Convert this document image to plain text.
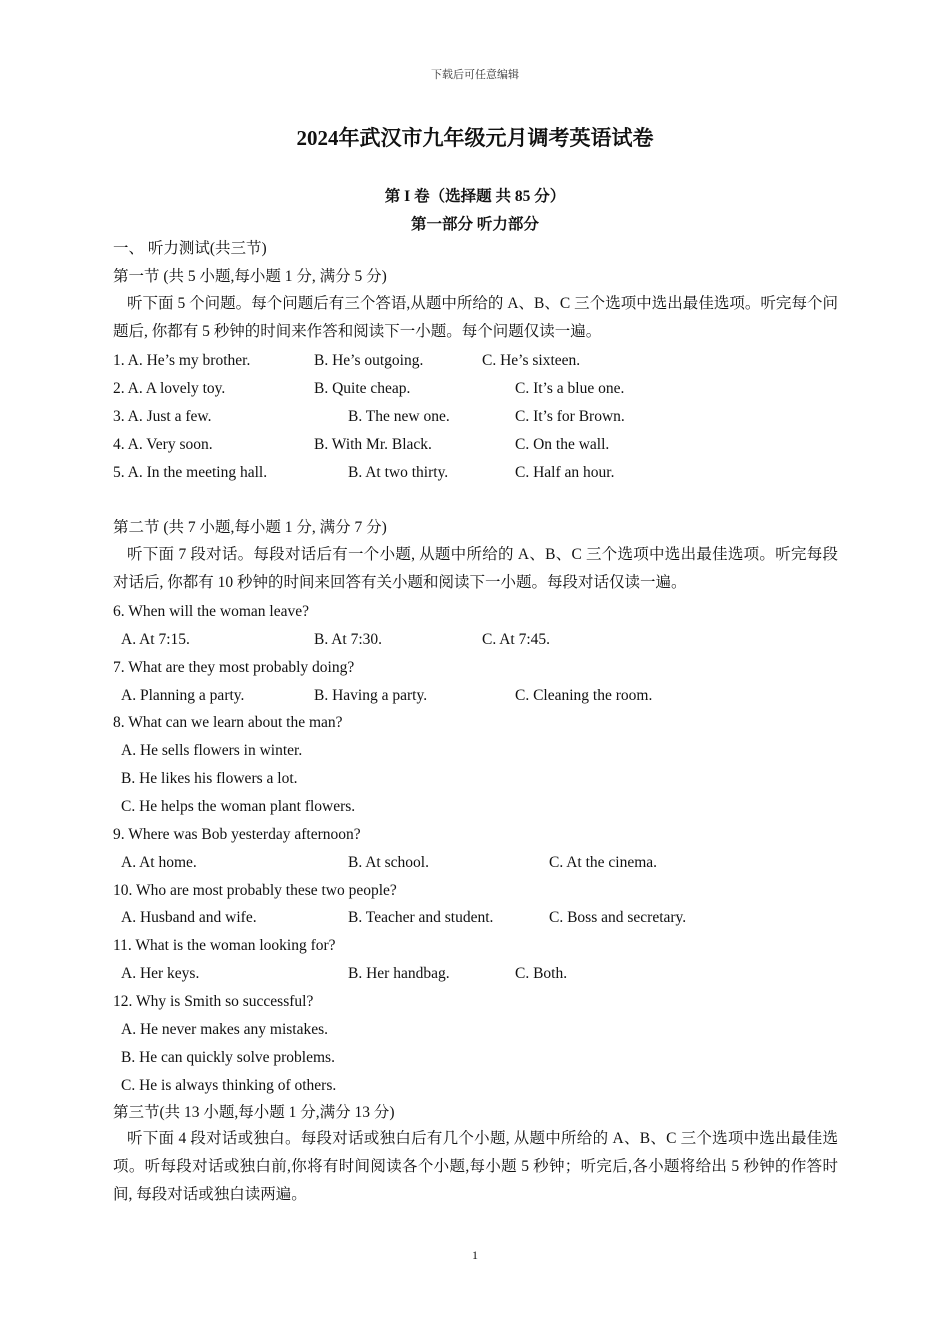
下载后可任意编辑
2024年武汉市九年级元月调考英语试卷
第 I 卷（选择题 共 85 分）
第一部分 听力部分
一、 听力测试(共三节)
第一节 (共 5 小题,每小题 1 分, 满分 5 分)
听下面 5 个问题。每个问题后有三个答语,从题中所给的 A、B、C 三个选项中选出最佳选项。听完每个问题后, 你都有 5 秒钟的时间来作答和阅读下一小题。每个问题仅读一遍。
1. A. He’s my brother.	B. He’s outgoing.	C. He’s sixteen.
2. A. A lovely toy.	B. Quite cheap.	C. It’s a blue one.
3. A. Just a few.	B. The new one.	C. It’s for Brown.
4. A. Very soon.	B. With Mr. Black.	C. On the wall.
5. A. In the meeting hall.	B. At two thirty.	C. Half an hour.
第二节 (共 7 小题,每小题 1 分, 满分 7 分)
听下面 7 段对话。每段对话后有一个小题, 从题中所给的 A、B、C 三个选项中选出最佳选项。听完每段对话后, 你都有 10 秒钟的时间来回答有关小题和阅读下一小题。每段对话仅读一遍。
6. When will the woman leave?
A. At 7:15.	B. At 7:30.	C. At 7:45.
7. What are they most probably doing?
A. Planning a party.	B. Having a party.	C. Cleaning the room.
8. What can we learn about the man?
A. He sells flowers in winter.
B. He likes his flowers a lot.
C. He helps the woman plant flowers.
9. Where was Bob yesterday afternoon?
A. At home.	B. At school.	C. At the cinema.
10. Who are most probably these two people?
A. Husband and wife.	B. Teacher and student.	C. Boss and secretary.
11. What is the woman looking for?
A. Her keys.	B. Her handbag.	C. Both.
12. Why is Smith so successful?
A. He never makes any mistakes.
B. He can quickly solve problems.
C. He is always thinking of others.
第三节(共 13 小题,每小题 1 分,满分 13 分)
听下面 4 段对话或独白。每段对话或独白后有几个小题, 从题中所给的 A、B、C 三个选项中选出最佳选项。听每段对话或独白前,你将有时间阅读各个小题,每小题 5 秒钟；听完后,各小题将给出 5 秒钟的作答时间, 每段对话或独白读两遍。
1
